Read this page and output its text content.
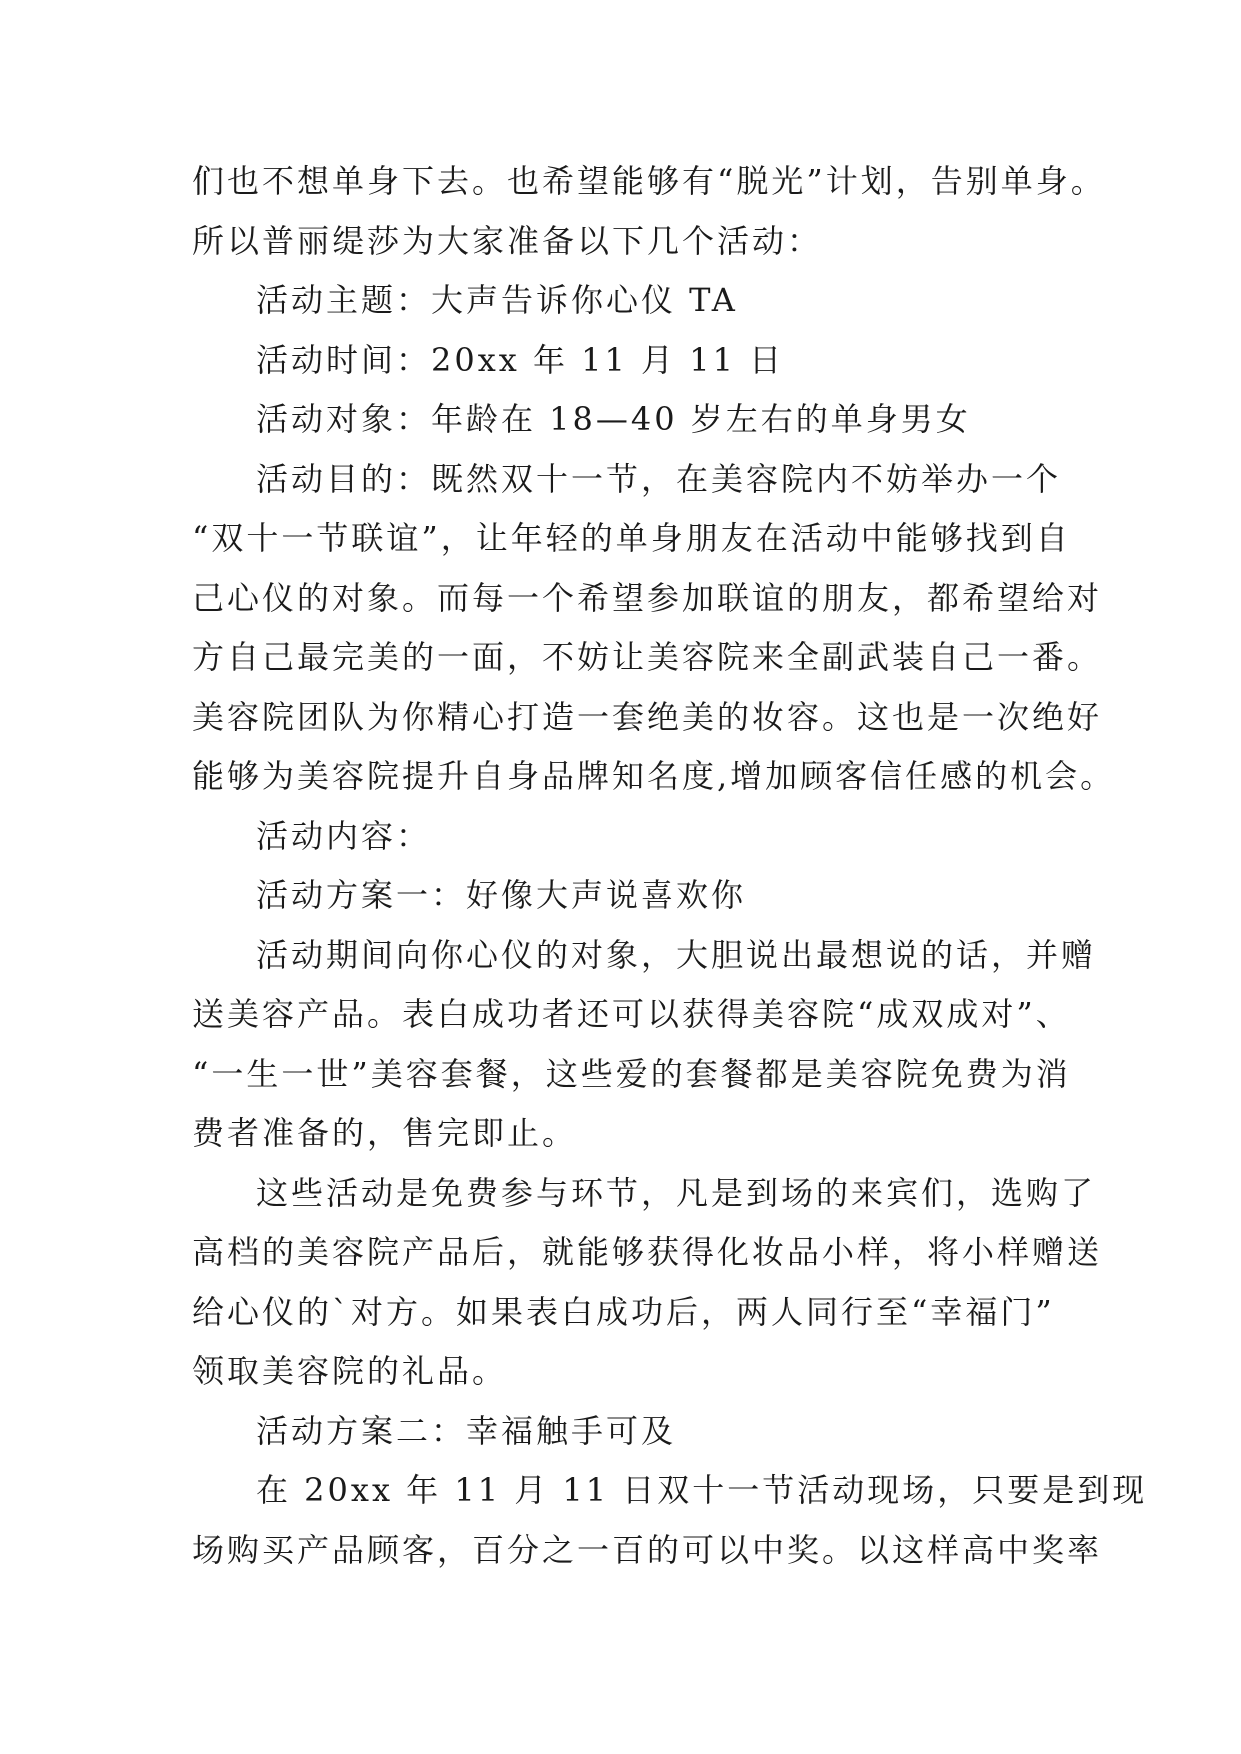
们也不想单身下去。也希望能够有“脱光”计划，告别单身。

所以普丽缇莎为大家准备以下几个活动：

活动主题：大声告诉你心仪 TA

活动时间：20xx 年 11 月 11 日

活动对象：年龄在 18—40 岁左右的单身男女

活动目的：既然双十一节，在美容院内不妨举办一个

“双十一节联谊”，让年轻的单身朋友在活动中能够找到自

己心仪的对象。而每一个希望参加联谊的朋友，都希望给对

方自己最完美的一面，不妨让美容院来全副武装自己一番。

美容院团队为你精心打造一套绝美的妆容。这也是一次绝好

能够为美容院提升自身品牌知名度,增加顾客信任感的机会。

活动内容：

活动方案一：好像大声说喜欢你

活动期间向你心仪的对象，大胆说出最想说的话，并赠

送美容产品。表白成功者还可以获得美容院“成双成对”、

“一生一世”美容套餐，这些爱的套餐都是美容院免费为消

费者准备的，售完即止。

这些活动是免费参与环节，凡是到场的来宾们，选购了

高档的美容院产品后，就能够获得化妆品小样，将小样赠送

给心仪的`对方。如果表白成功后，两人同行至“幸福门”

领取美容院的礼品。

活动方案二：幸福触手可及

在 20xx 年 11 月 11 日双十一节活动现场，只要是到现

场购买产品顾客，百分之一百的可以中奖。以这样高中奖率
